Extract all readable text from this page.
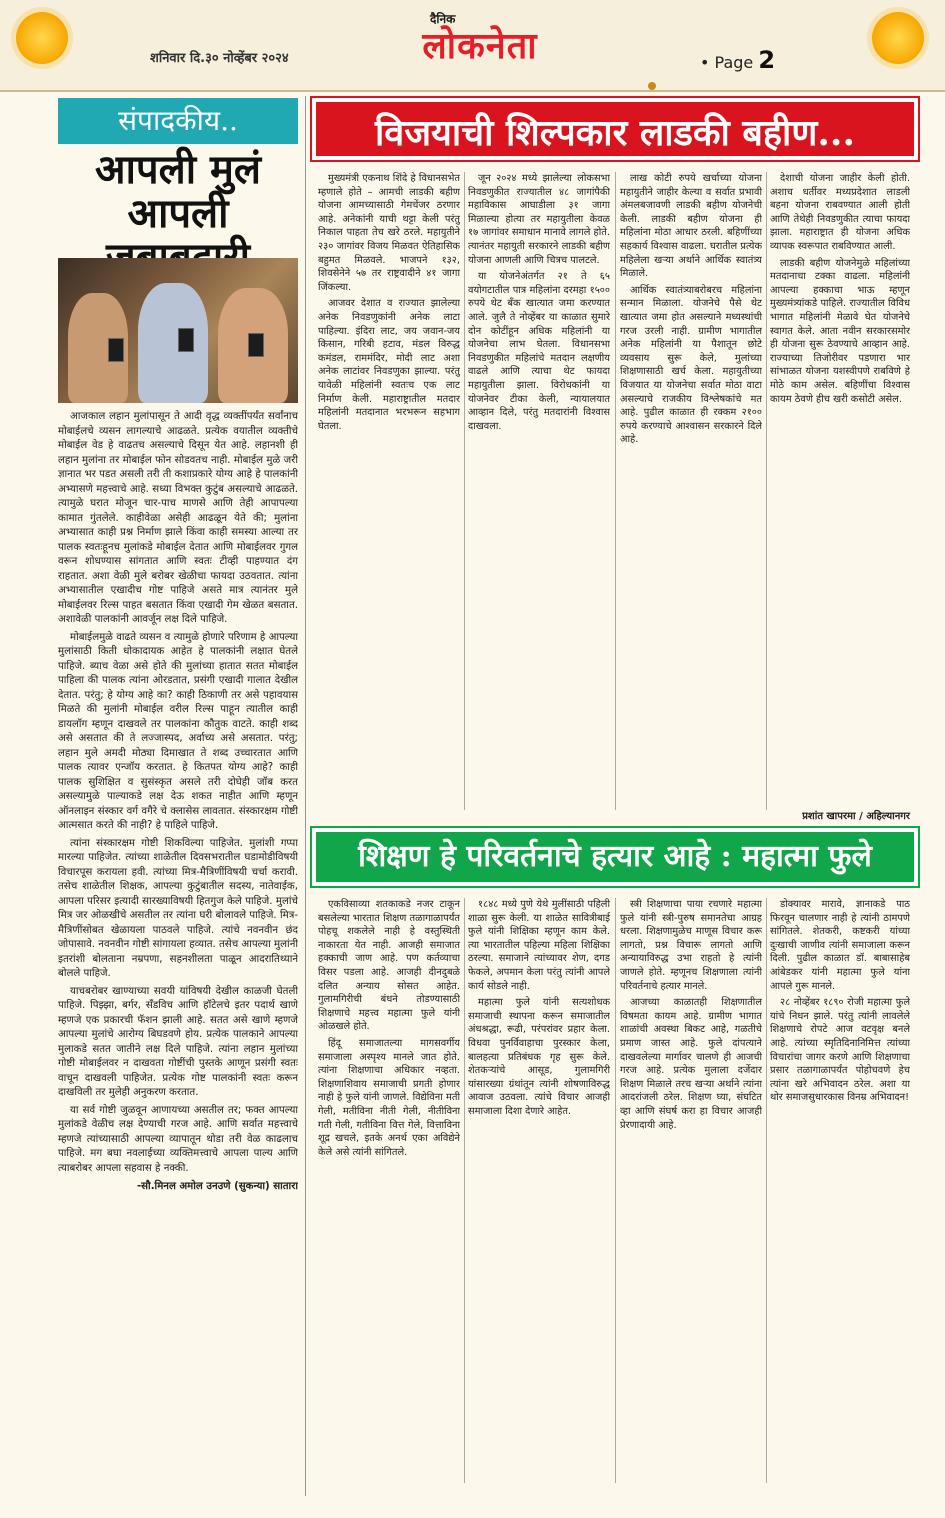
शनिवार दि.३० नोव्हेंबर २०२४
दैनिक
लोकनेता	• Page 2
संपादकीय..
आपली मुलं
आपली

आजकाल लहान मुलांपासून ते आदी वृद्ध व्यक्तींपर्यंत सर्वांनाच मोबाईलचे व्यसन लागल्याचे आढळते. प्रत्येक वयातील व्यक्तीचे मोबाईल वेड हे वाढतच असल्याचे दिसून येत आहे. लहानशी ही लहान मुलांना तर मोबाईल फोन सोडवतच नाही. मोबाईल मुळे जरी ज्ञानात भर पडत असली तरी ती कशाप्रकारे योग्य आहे हे पालकांनी अभ्यासणे महत्त्वाचे आहे. सध्या विभक्त कुटुंब असल्याचे आढळते. त्यामुळे घरात मोजून चार-पाच माणसे आणि तेही आपापल्या कामात गुंतलेले. काहीवेळा असेही आढळून येते की; मुलांना अभ्यासात काही प्रश्न निर्माण झाले किंवा काही समस्या आल्या तर पालक स्वतःहूनच मुलांकडे मोबाईल देतात आणि मोबाईलवर गुगल वरून शोधण्यास सांगतात आणि स्वतः टीव्ही पाहण्यात दंग राहतात. अशा वेळी मुले बरोबर खेळीचा फायदा उठवतात. त्यांना अभ्यासातील एखादीच गोष्ट पाहिजे असते मात्र त्यानंतर मुले मोबाईलवर रिल्स पाहत बसतात किंवा एखादी गेम खेळत बसतात. अशावेळी पालकांनी आवर्जून लक्ष दिले पाहिजे.

मोबाईलमुळे वाढते व्यसन व त्यामुळे होणारे परिणाम हे आपल्या मुलांसाठी किती धोकादायक आहेत हे पालकांनी लक्षात घेतले पाहिजे. ब्याच वेळा असे होते की मुलांच्या हातात सतत मोबाईल पाहिला की पालक त्यांना ओरडतात, प्रसंगी एखादी गालात देखील देतात. परंतु; हे योग्य आहे का? काही ठिकाणी तर असे पहावयास मिळते की मुलांनी मोबाईल वरील रिल्स पाहून त्यातील काही डायलॉग म्हणून दाखवले तर पालकांना कौतुक वाटते. काही शब्द असे असतात की ते लज्जास्पद, अर्वाच्य असे असतात. परंतु; लहान मुले अमदी मोठ्या दिमाखात ते शब्द उच्चारतात आणि पालक त्यावर एन्जॉय करतात. हे कितपत योग्य आहे? काही पालक सुशिक्षित व सुसंस्कृत असले तरी दोघेही जॉब करत असल्यामुळे पाल्याकडे लक्ष देऊ शकत नाहीत आणि म्हणून ऑनलाइन संस्कार वर्ग वगैरे चे क्लासेस लावतात. संस्कारक्षम गोष्टी आत्मसात करते की नाही? हे पाहिले पाहिजे.

त्यांना संस्कारक्षम गोष्टी शिकविल्या पाहिजेत. मुलांशी गप्पा मारल्या पाहिजेत. त्यांच्या शाळेतील दिवसभरातील घडामोडीविषयी विचारपूस करायला हवी. त्यांच्या मित्र-मैत्रिणींविषयी चर्चा करावी. तसेच शाळेतील शिक्षक, आपल्या कुटुंबातील सदस्य, नातेवाईक, आपला परिसर इत्यादी सारख्याविषयी हितगुज केले पाहिजे. मुलांचे मित्र जर ओळखीचे असतील तर त्यांना घरी बोलावले पाहिजे. मित्र-मैत्रिणींसोबत खेळायला पाठवले पाहिजे. त्यांचे नवनवीन छंद जोपासावे. नवनवीन गोष्टी सांगायला हव्यात. तसेच आपल्या मुलांनी इतरांशी बोलताना नम्रपणा, सहनशीलता पाळून आदरातिथ्याने बोलले पाहिजे.

याचबरोबर खाण्याच्या सवयी यांविषयी देखील काळजी घेतली पाहिजे. पिझ्झा, बर्गर, सँडविच आणि हॉटेलचे इतर पदार्थ खाणे म्हणजे एक प्रकारची फॅशन झाली आहे. सतत असे खाणे म्हणजे आपल्या मुलांचे आरोग्य बिघडवणे होय. प्रत्येक पालकाने आपल्या मुलाकडे सतत जातीने लक्ष दिले पाहिजे. त्यांना लहान मुलांच्या गोष्टी मोबाईलवर न दाखवता गोष्टींची पुस्तके आणून प्रसंगी स्वतः वाचून दाखवली पाहिजेत. प्रत्येक गोष्ट पालकांनी स्वतः करून दाखविली तर मुलेही अनुकरण करतात.

या सर्व गोष्टी जुळवून आणायच्या असतील तर; फक्त आपल्या मुलांकडे वेळीच लक्ष देण्याची गरज आहे. आणि सर्वात महत्त्वाचे म्हणजे त्यांच्यासाठी आपल्या व्यापातून थोडा तरी वेळ काढलाच पाहिजे. मग बघा नवलाईच्या व्यक्तिमत्त्वाचे आपला पाल्य आणि त्याबरोबर आपला सहवास हे नक्की.

-सौ.मिनल अमोल उनउणे (सुकन्या) सातारा
विजयाची शिल्पकार लाडकी बहीण...

मुख्यमंत्री एकनाथ शिंदे हे विधानसभेत म्हणाले होते – आमची लाडकी बहीण योजना आमच्यासाठी गेमचेंजर ठरणार आहे. अनेकांनी याची थट्टा केली परंतु निकाल पाहता तेच खरे ठरले. महायुतीने २३० जागांवर विजय मिळवत ऐतिहासिक बहुमत मिळवले. भाजपने १३२, शिवसेनेने ५७ तर राष्ट्रवादीने ४१ जागा जिंकल्या.

आजवर देशात व राज्यात झालेल्या अनेक निवडणुकांनी अनेक लाटा पाहिल्या. इंदिरा लाट, जय जवान-जय किसान, गरिबी हटाव, मंडल विरुद्ध कमंडल, राममंदिर, मोदी लाट अशा अनेक लाटांवर निवडणुका झाल्या. परंतु यावेळी महिलांनी स्वतःच एक लाट निर्माण केली. महाराष्ट्रातील मतदार महिलांनी मतदानात भरभरून सहभाग घेतला.

जून २०२४ मध्ये झालेल्या लोकसभा निवडणुकीत राज्यातील ४८ जागांपैकी महाविकास आघाडीला ३१ जागा मिळाल्या होत्या तर महायुतीला केवळ १७ जागांवर समाधान मानावे लागले होते. त्यानंतर महायुती सरकारने लाडकी बहीण योजना आणली आणि चित्रच पालटले.

या योजनेअंतर्गत २१ ते ६५ वयोगटातील पात्र महिलांना दरमहा १५०० रुपये थेट बँक खात्यात जमा करण्यात आले. जुलै ते नोव्हेंबर या काळात सुमारे दोन कोटींहून अधिक महिलांनी या योजनेचा लाभ घेतला. विधानसभा निवडणुकीत महिलांचे मतदान लक्षणीय वाढले आणि त्याचा थेट फायदा महायुतीला झाला. विरोधकांनी या योजनेवर टीका केली, न्यायालयात आव्हान दिले, परंतु मतदारांनी विश्वास दाखवला.

लाख कोटी रुपये खर्चाच्या योजना महायुतीने जाहीर केल्या व सर्वात प्रभावी अंमलबजावणी लाडकी बहीण योजनेची केली. लाडकी बहीण योजना ही महिलांना मोठा आधार ठरली. बहिणींच्या सहकार्य विश्वास वाढला. घरातील प्रत्येक महिलेला खऱ्या अर्थाने आर्थिक स्वातंत्र्य मिळाले.

आर्थिक स्वातंत्र्याबरोबरच महिलांना सन्मान मिळाला. योजनेचे पैसे थेट खात्यात जमा होत असल्याने मध्यस्थांची गरज उरली नाही. ग्रामीण भागातील अनेक महिलांनी या पैशातून छोटे व्यवसाय सुरू केले, मुलांच्या शिक्षणासाठी खर्च केला. महायुतीच्या विजयात या योजनेचा सर्वात मोठा वाटा असल्याचे राजकीय विश्लेषकांचे मत आहे. पुढील काळात ही रक्कम २१०० रुपये करण्याचे आश्वासन सरकारने दिले आहे.

देशाची योजना जाहीर केली होती. अशाच धर्तीवर मध्यप्रदेशात लाडली बहना योजना राबवण्यात आली होती आणि तेथेही निवडणुकीत त्याचा फायदा झाला. महाराष्ट्रात ही योजना अधिक व्यापक स्वरूपात राबविण्यात आली.

लाडकी बहीण योजनेमुळे महिलांच्या मतदानाचा टक्का वाढला. महिलांनी आपल्या हक्काचा भाऊ म्हणून मुख्यमंत्र्यांकडे पाहिले. राज्यातील विविध भागात महिलांनी मेळावे घेत योजनेचे स्वागत केले. आता नवीन सरकारसमोर ही योजना सुरू ठेवण्याचे आव्हान आहे. राज्याच्या तिजोरीवर पडणारा भार सांभाळत योजना यशस्वीपणे राबविणे हे मोठे काम असेल. बहिणींचा विश्वास कायम ठेवणे हीच खरी कसोटी असेल.

प्रशांत खापरमा / अहिल्यानगर
शिक्षण हे परिवर्तनाचे हत्यार आहे : महात्मा फुले

एकविसाव्या शतकाकडे नजर टाकून बसलेल्या भारतात शिक्षण तळागाळापर्यंत पोहचू शकलेले नाही हे वस्तुस्थिती नाकारता येत नाही. आजही समाजात हक्काची जाण आहे. पण कर्तव्याचा विसर पडला आहे. आजही दीनदुबळे दलित अन्याय सोसत आहेत. गुलामगिरीची बंधने तोडण्यासाठी शिक्षणाचे महत्त्व महात्मा फुले यांनी ओळखले होते.

हिंदू समाजातल्या मागसवर्गीय समाजाला अस्पृश्य मानले जात होते. त्यांना शिक्षणाचा अधिकार नव्हता. शिक्षणाशिवाय समाजाची प्रगती होणार नाही हे फुले यांनी जाणले. विद्येविना मती गेली, मतीविना नीती गेली, नीतीविना गती गेली, गतीविना वित्त गेले, वित्ताविना शूद्र खचले, इतके अनर्थ एका अविद्येने केले असे त्यांनी सांगितले.

१८४८ मध्ये पुणे येथे मुलींसाठी पहिली शाळा सुरू केली. या शाळेत सावित्रीबाई फुले यांनी शिक्षिका म्हणून काम केले. त्या भारतातील पहिल्या महिला शिक्षिका ठरल्या. समाजाने त्यांच्यावर शेण, दगड फेकले, अपमान केला परंतु त्यांनी आपले कार्य सोडले नाही.

महात्मा फुले यांनी सत्यशोधक समाजाची स्थापना करून समाजातील अंधश्रद्धा, रूढी, परंपरांवर प्रहार केला. विधवा पुनर्विवाहाचा पुरस्कार केला, बालहत्या प्रतिबंधक गृह सुरू केले. शेतकऱ्यांचे आसूड, गुलामगिरी यांसारख्या ग्रंथांतून त्यांनी शोषणाविरुद्ध आवाज उठवला. त्यांचे विचार आजही समाजाला दिशा देणारे आहेत.

स्त्री शिक्षणाचा पाया रचणारे महात्मा फुले यांनी स्त्री-पुरुष समानतेचा आग्रह धरला. शिक्षणामुळेच माणूस विचार करू लागतो, प्रश्न विचारू लागतो आणि अन्यायाविरुद्ध उभा राहतो हे त्यांनी जाणले होते. म्हणूनच शिक्षणाला त्यांनी परिवर्तनाचे हत्यार मानले.

आजच्या काळातही शिक्षणातील विषमता कायम आहे. ग्रामीण भागात शाळांची अवस्था बिकट आहे, गळतीचे प्रमाण जास्त आहे. फुले दांपत्याने दाखवलेल्या मार्गावर चालणे ही आजची गरज आहे. प्रत्येक मुलाला दर्जेदार शिक्षण मिळाले तरच खऱ्या अर्थाने त्यांना आदरांजली ठरेल. शिक्षण घ्या, संघटित व्हा आणि संघर्ष करा हा विचार आजही प्रेरणादायी आहे.

डोक्यावर मारावे, ज्ञानाकडे पाठ फिरवून चालणार नाही हे त्यांनी ठामपणे सांगितले. शेतकरी, कष्टकरी यांच्या दुःखाची जाणीव त्यांनी समाजाला करून दिली. पुढील काळात डॉ. बाबासाहेब आंबेडकर यांनी महात्मा फुले यांना आपले गुरू मानले.

२८ नोव्हेंबर १८९० रोजी महात्मा फुले यांचे निधन झाले. परंतु त्यांनी लावलेले शिक्षणाचे रोपटे आज वटवृक्ष बनले आहे. त्यांच्या स्मृतिदिनानिमित्त त्यांच्या विचारांचा जागर करणे आणि शिक्षणाचा प्रसार तळागाळापर्यंत पोहोचवणे हेच त्यांना खरे अभिवादन ठरेल. अशा या थोर समाजसुधारकास विनम्र अभिवादन!
